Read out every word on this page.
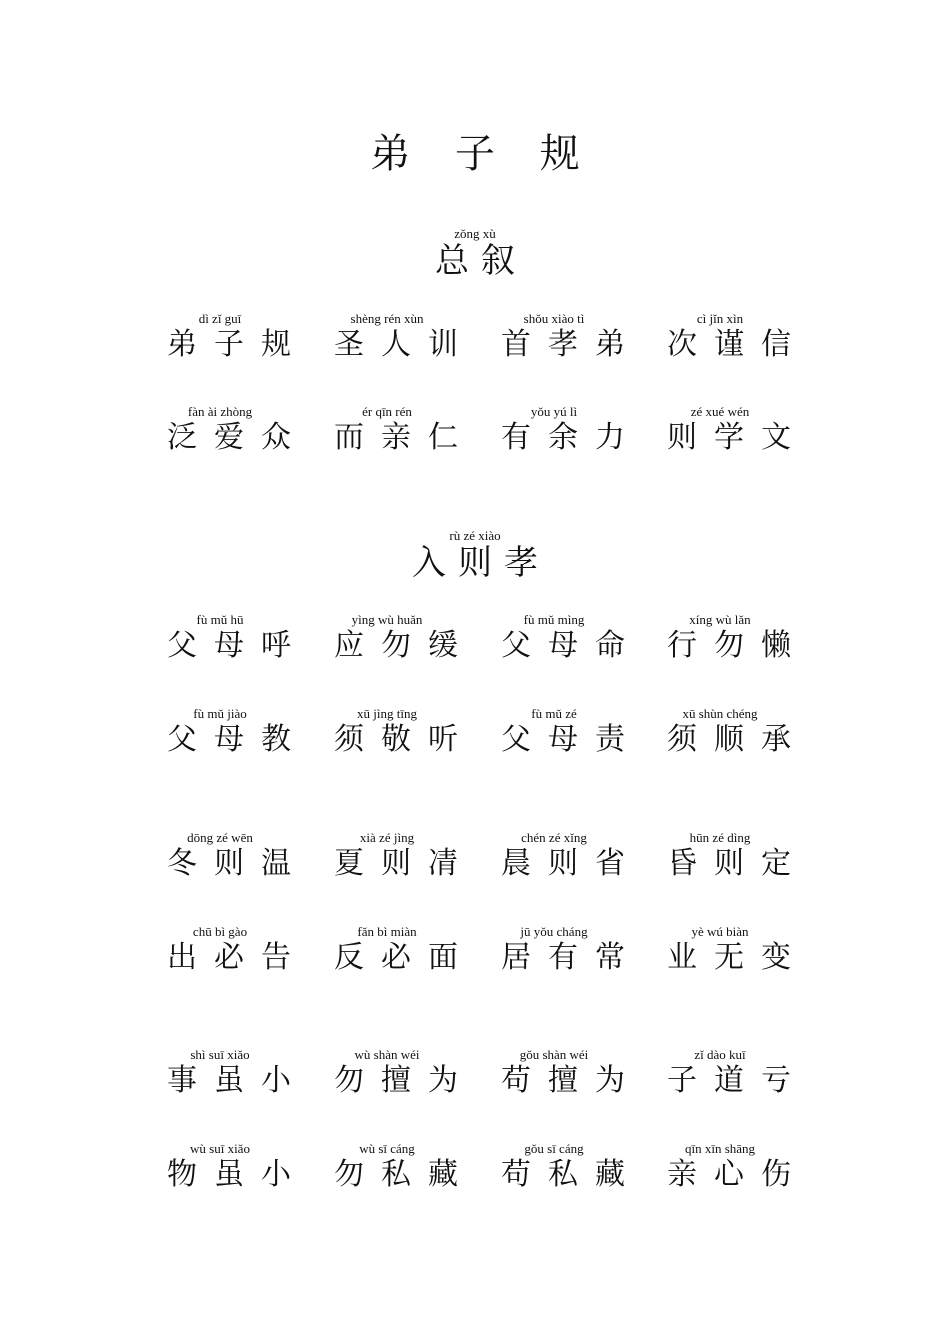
弟 子 规
zǒng xù
总叙
dì zǐ guī
弟子规
shèng rén xùn
圣人训
shǒu xiào tì
首孝弟
cì jǐn xìn
次谨信
fàn ài zhòng
泛爱众
ér qīn rén
而亲仁
yǒu yú lì
有余力
zé xué wén
则学文
rù zé xiào
入则孝
fù mǔ hū
父母呼
yìng wù huǎn
应勿缓
fù mǔ mìng
父母命
xíng wù lǎn
行勿懒
fù mǔ jiào
父母教
xū jìng tīng
须敬听
fù mǔ zé
父母责
xū shùn chéng
须顺承
dōng zé wēn
冬则温
xià zé jìng
夏则凊
chén zé xǐng
晨则省
hūn zé dìng
昏则定
chū bì gào
出必告
fǎn bì miàn
反必面
jū yǒu cháng
居有常
yè wú biàn
业无变
shì suī xiǎo
事虽小
wù shàn wéi
勿擅为
gǒu shàn wéi
苟擅为
zǐ dào kuī
子道亏
wù suī xiǎo
物虽小
wù sī cáng
勿私藏
gǒu sī cáng
苟私藏
qīn xīn shāng
亲心伤
